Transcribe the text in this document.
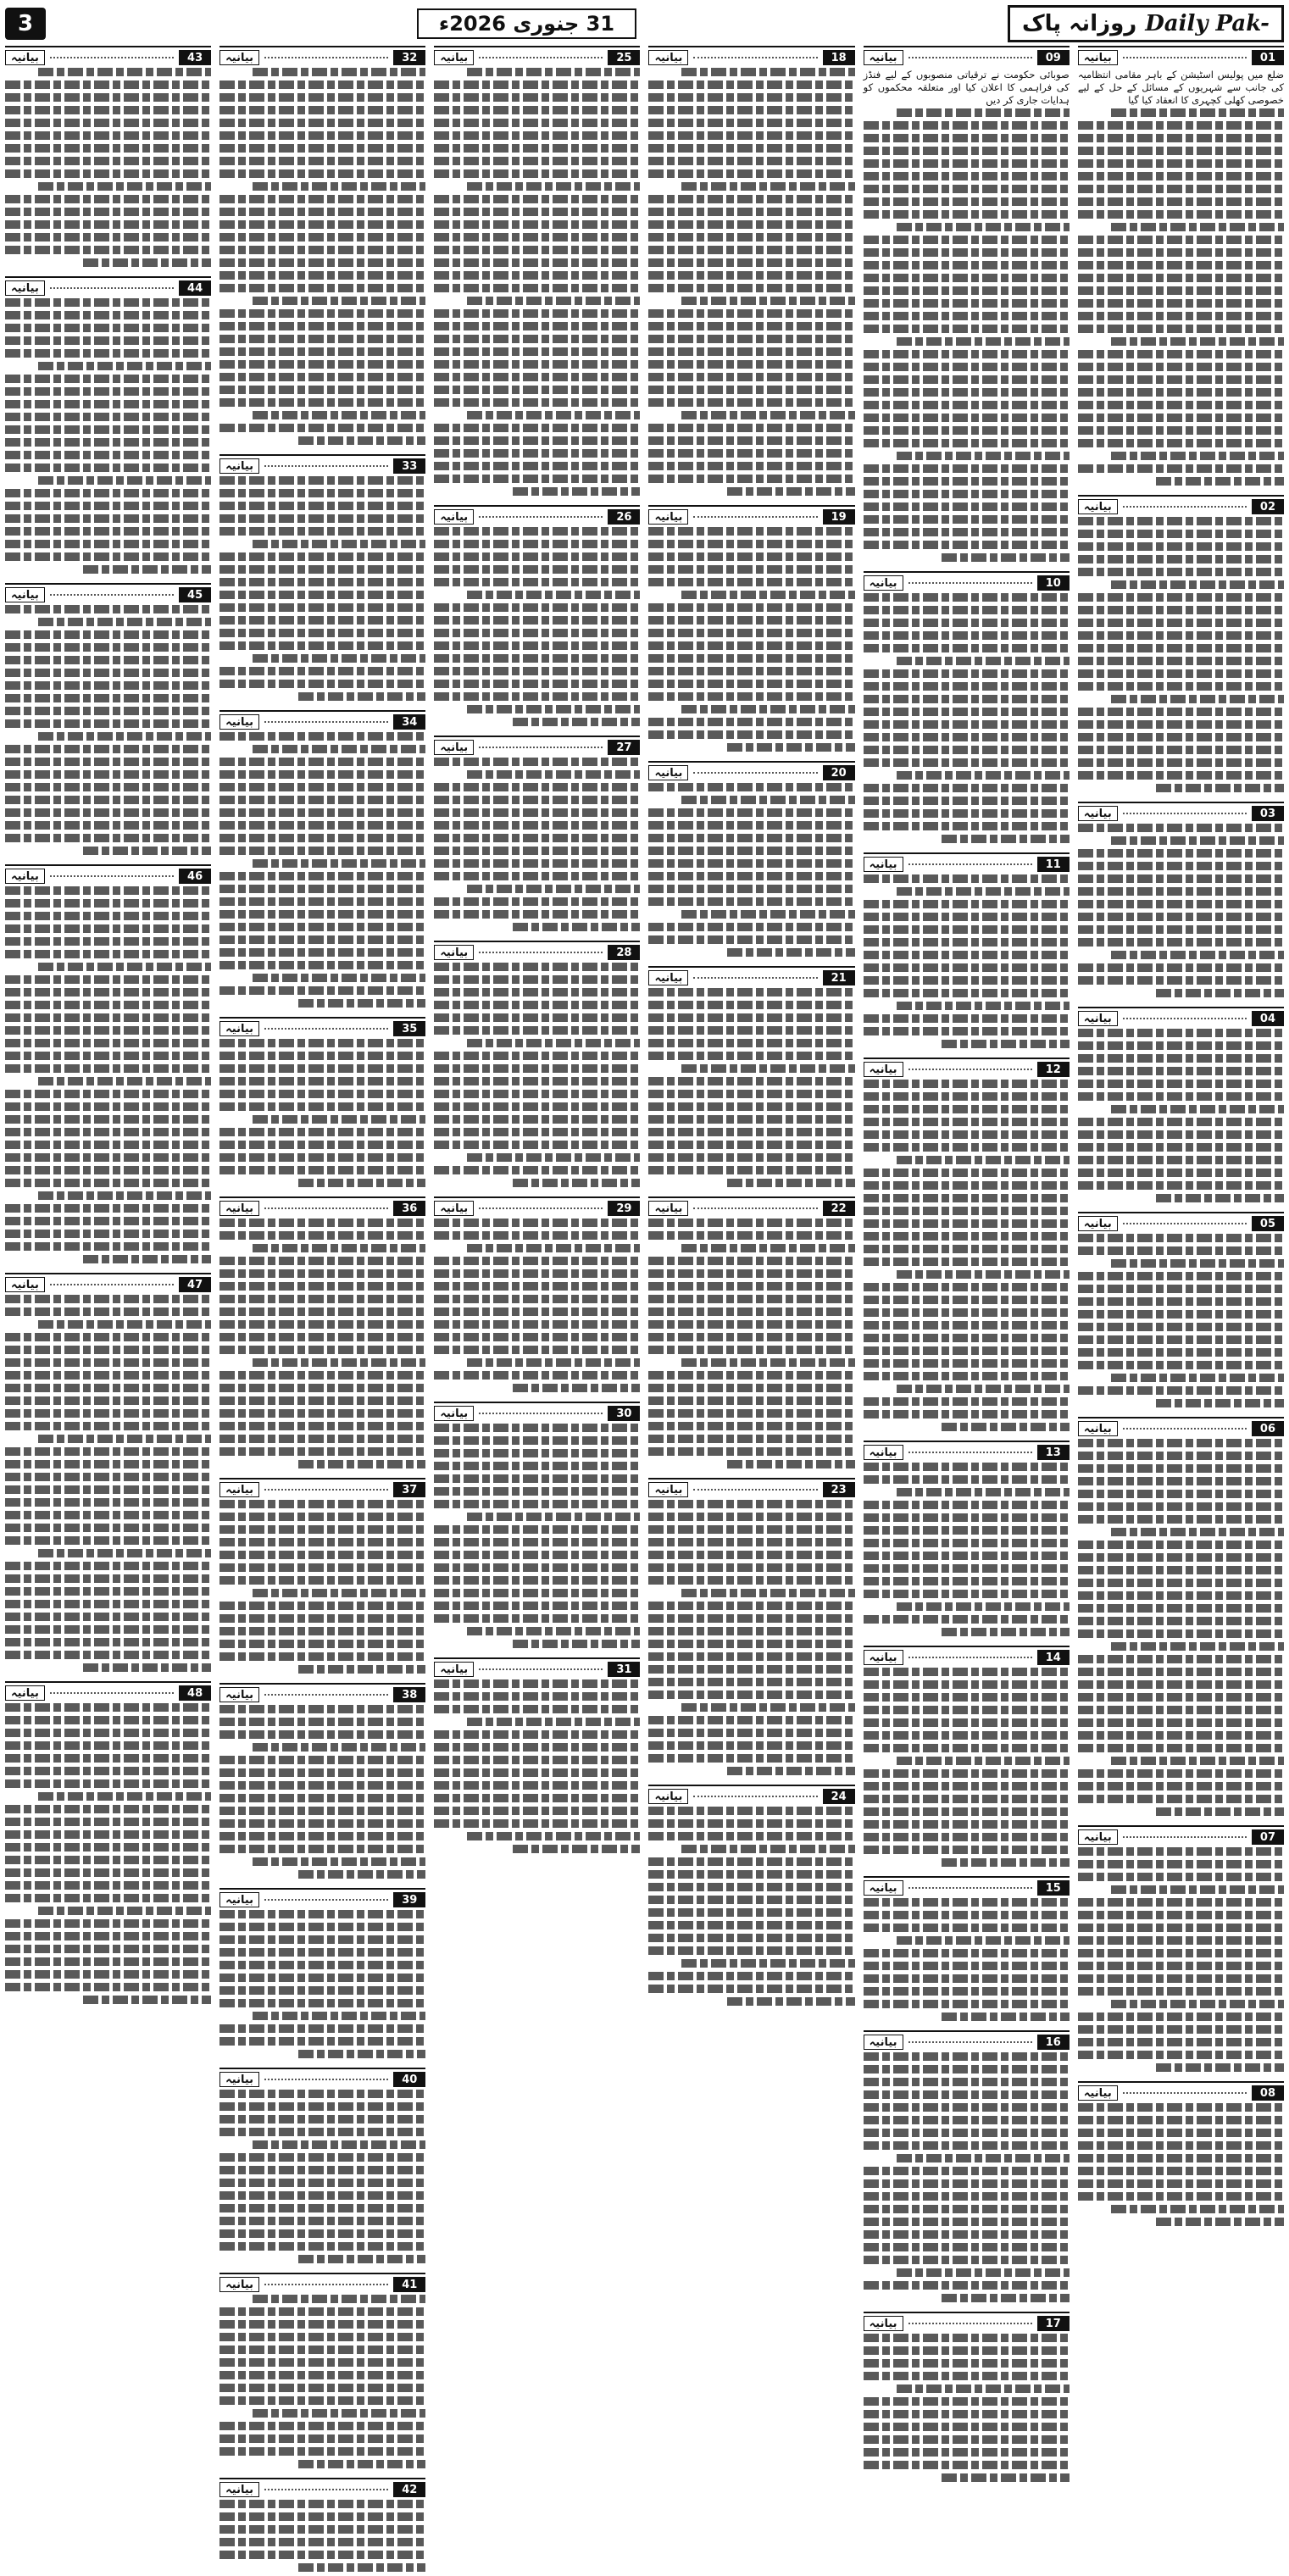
3	31 جنوری 2026ء	روزانہ پاک Daily Pak-
01
بیانیہ
ضلع میں پولیس اسٹیشن کے باہر مقامی انتظامیہ کی جانب سے شہریوں کے مسائل کے حل کے لیے خصوصی کھلی کچہری کا انعقاد کیا گیا
02
بیانیہ
03
بیانیہ
04
بیانیہ
05
بیانیہ
06
بیانیہ
07
بیانیہ
08
بیانیہ
09
بیانیہ
صوبائی حکومت نے ترقیاتی منصوبوں کے لیے فنڈز کی فراہمی کا اعلان کیا اور متعلقہ محکموں کو ہدایات جاری کر دیں
10
بیانیہ
11
بیانیہ
12
بیانیہ
13
بیانیہ
14
بیانیہ
15
بیانیہ
16
بیانیہ
17
بیانیہ
18
بیانیہ
19
بیانیہ
20
بیانیہ
21
بیانیہ
22
بیانیہ
23
بیانیہ
24
بیانیہ
25
بیانیہ
26
بیانیہ
27
بیانیہ
28
بیانیہ
29
بیانیہ
30
بیانیہ
31
بیانیہ
32
بیانیہ
33
بیانیہ
34
بیانیہ
35
بیانیہ
36
بیانیہ
37
بیانیہ
38
بیانیہ
39
بیانیہ
40
بیانیہ
41
بیانیہ
42
بیانیہ
43
بیانیہ
44
بیانیہ
45
بیانیہ
46
بیانیہ
47
بیانیہ
48
بیانیہ
